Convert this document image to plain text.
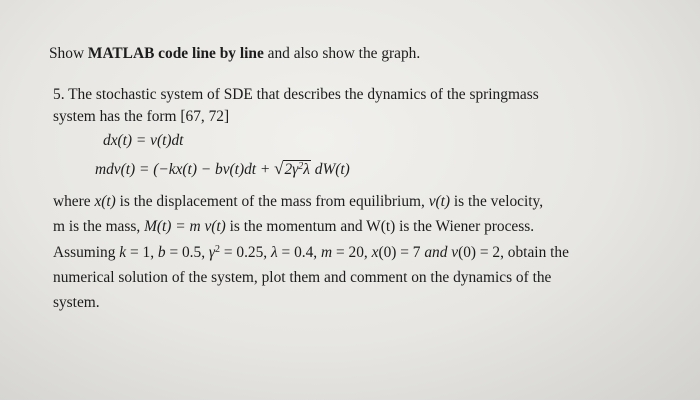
Show MATLAB code line by line and also show the graph.

5. The stochastic system of SDE that describes the dynamics of the springmass

system has the form [67, 72]

dx(t) = v(t)dt

$mdv(t) = (-kx(t) - bv(t)dt + √2\gamma^2\lambda$ dW(t)

where x(t) is the displacement of the mass from equilibrium, v(t) is the velocity,

m is the mass, M(t) = m v(t) is the momentum and W(t) is the Wiener process.

Assuming k = 1, b = 0.5, $\gamma^2 = 0.25$, λ = 0.4, m = 20, x(0) = 7 and v(0) = 2, obtain the

numerical solution of the system, plot them and comment on the dynamics of the

system.
